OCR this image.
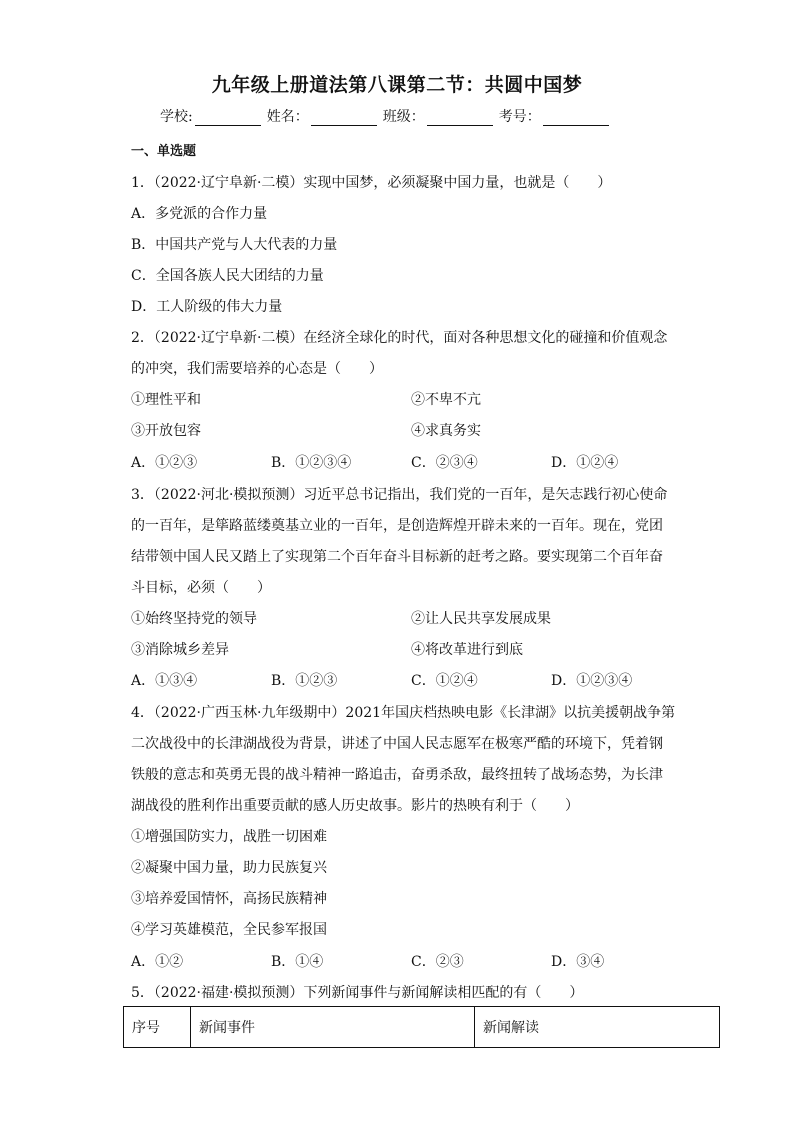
九年级上册道法第八课第二节：共圆中国梦
学校:	姓名：	班级：	考号：
一、单选题
1．（2022·辽宁阜新·二模）实现中国梦，必须凝聚中国力量，也就是（　　）
A．多党派的合作力量
B．中国共产党与人大代表的力量
C．全国各族人民大团结的力量
D．工人阶级的伟大力量
2．（2022·辽宁阜新·二模）在经济全球化的时代，面对各种思想文化的碰撞和价值观念
的冲突，我们需要培养的心态是（　　）
①理性平和	②不卑不亢
③开放包容	④求真务实
A．①②③	B．①②③④	C．②③④	D．①②④
3．（2022·河北·模拟预测）习近平总书记指出，我们党的一百年，是矢志践行初心使命
的一百年，是筚路蓝缕奠基立业的一百年，是创造辉煌开辟未来的一百年。现在，党团
结带领中国人民又踏上了实现第二个百年奋斗目标新的赶考之路。要实现第二个百年奋
斗目标，必须（　　）
①始终坚持党的领导	②让人民共享发展成果
③消除城乡差异	④将改革进行到底
A．①③④	B．①②③	C．①②④	D．①②③④
4．（2022·广西玉林·九年级期中）2021年国庆档热映电影《长津湖》以抗美援朝战争第
二次战役中的长津湖战役为背景，讲述了中国人民志愿军在极寒严酷的环境下，凭着钢
铁般的意志和英勇无畏的战斗精神一路追击，奋勇杀敌，最终扭转了战场态势，为长津
湖战役的胜利作出重要贡献的感人历史故事。影片的热映有利于（　　）
①增强国防实力，战胜一切困难
②凝聚中国力量，助力民族复兴
③培养爱国情怀，高扬民族精神
④学习英雄模范，全民参军报国
A．①②	B．①④	C．②③	D．③④
5．（2022·福建·模拟预测）下列新闻事件与新闻解读相匹配的有（　　）
序号	新闻事件	新闻解读
